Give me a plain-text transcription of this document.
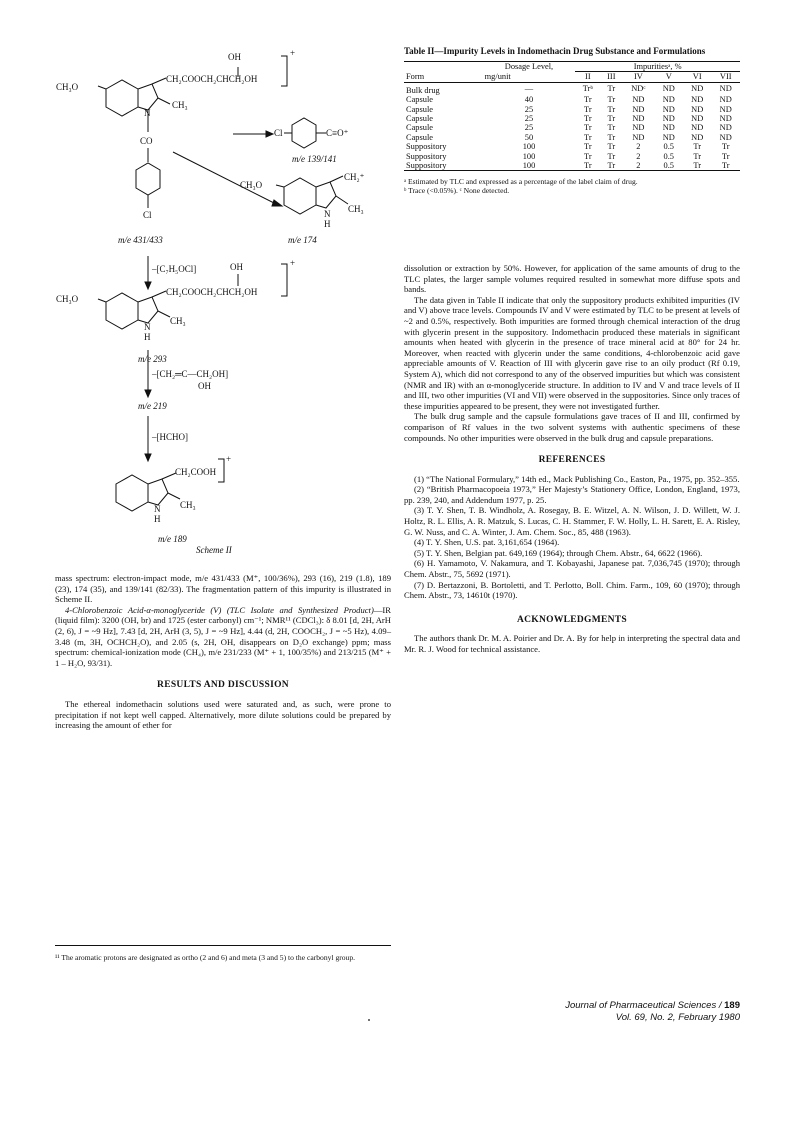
OH	+
CH₃O
CH₂COOCH₂CHCH₂OH
N
CH₃
CO
Cl
Cl	C≡O⁺
m/e 139/141
CH₃O
CH₂⁺
N
H
CH₃
m/e 431/433	m/e 174
–[C₇H₅OCl]	OH	+
CH₃O
CH₂COOCH₂CHCH₂OH
N
H
CH₃
m/e 293
–[CH₂═C—CH₂OH]
OH
m/e 219
–[HCHO]
CH₂COOH
+
N
H
CH₃
m/e 189
Scheme II

mass spectrum: electron-impact mode, m/e 431/433 (M⁺, 100/36%), 293 (16), 219 (1.8), 189 (23), 174 (35), and 139/141 (82/33). The fragmentation pattern of this impurity is illustrated in Scheme II.

4-Chlorobenzoic Acid-α-monoglyceride (V) (TLC Isolate and Synthesized Product)—IR (liquid film): 3200 (OH, br) and 1725 (ester carbonyl) cm⁻¹; NMR¹¹ (CDCl₃): δ 8.01 [d, 2H, ArH (2, 6), J = ~9 Hz], 7.43 [d, 2H, ArH (3, 5), J = ~9 Hz], 4.44 (d, 2H, COOCH₂, J = ~5 Hz), 4.09–3.48 (m, 3H, OCHCH₂O), and 2.05 (s, 2H, OH, disappears on D₂O exchange) ppm; mass spectrum: chemical-ionization mode (CH₄), m/e 231/233 (M⁺ + 1, 100/35%) and 213/215 (M⁺ + 1 – H₂O, 93/31).

RESULTS AND DISCUSSION

The ethereal indomethacin solutions used were saturated and, as such, were prone to precipitation if not kept well capped. Alternatively, more dilute solutions could be prepared by increasing the amount of ether for

¹¹ The aromatic protons are designated as ortho (2 and 6) and meta (3 and 5) to the carbonyl group.
Table II—Impurity Levels in Indomethacin Drug Substance and Formulations
Form	Dosage Level,	Impuritiesᵃ, %					
	mg/unit	II	III	IV	V	VI	VII
Bulk drug	—	Trᵇ	Tr	NDᶜ	ND	ND	ND
Capsule	40	Tr	Tr	ND	ND	ND	ND
Capsule	25	Tr	Tr	ND	ND	ND	ND
Capsule	25	Tr	Tr	ND	ND	ND	ND
Capsule	25	Tr	Tr	ND	ND	ND	ND
Capsule	50	Tr	Tr	ND	ND	ND	ND
Suppository	100	Tr	Tr	2	0.5	Tr	Tr
Suppository	100	Tr	Tr	2	0.5	Tr	Tr
Suppository	100	Tr	Tr	2	0.5	Tr	Tr
ᵃ Estimated by TLC and expressed as a percentage of the label claim of drug.
ᵇ Trace (<0.05%). ᶜ None detected.

dissolution or extraction by 50%. However, for application of the same amounts of drug to the TLC plates, the larger sample volumes required resulted in somewhat more diffuse spots and bands.

The data given in Table II indicate that only the suppository products exhibited impurities (IV and V) above trace levels. Compounds IV and V were estimated by TLC to be present at levels of ~2 and 0.5%, respectively. Both impurities are formed through chemical interaction of the drug with glycerin present in the suppository. Indomethacin produced these materials in significant amounts when heated with glycerin in the presence of trace mineral acid at 80° for 24 hr. Moreover, when reacted with glycerin under the same conditions, 4-chlorobenzoic acid gave appreciable amounts of V. Reaction of III with glycerin gave rise to an oily product (Rf 0.19, System A), which did not correspond to any of the observed impurities but which was consistent (NMR and IR) with an α-monoglyceride structure. In addition to IV and V and trace levels of II and III, two other impurities (VI and VII) were observed in the suppositories. Since only traces of these impurities appeared to be present, they were not investigated further.

The bulk drug sample and the capsule formulations gave traces of II and III, confirmed by comparison of Rf values in the two solvent systems with authentic specimens of these compounds. No other impurities were observed in the bulk drug and capsule preparations.

REFERENCES

(1) “The National Formulary,” 14th ed., Mack Publishing Co., Easton, Pa., 1975, pp. 352–355.

(2) “British Pharmacopoeia 1973,” Her Majesty’s Stationery Office, London, England, 1973, pp. 239, 240, and Addendum 1977, p. 25.

(3) T. Y. Shen, T. B. Windholz, A. Rosegay, B. E. Witzel, A. N. Wilson, J. D. Willett, W. J. Holtz, R. L. Ellis, A. R. Matzuk, S. Lucas, C. H. Stammer, F. W. Holly, L. H. Sarett, E. A. Risley, G. W. Nuss, and C. A. Winter, J. Am. Chem. Soc., 85, 488 (1963).

(4) T. Y. Shen, U.S. pat. 3,161,654 (1964).

(5) T. Y. Shen, Belgian pat. 649,169 (1964); through Chem. Abstr., 64, 6622 (1966).

(6) H. Yamamoto, V. Nakamura, and T. Kobayashi, Japanese pat. 7,036,745 (1970); through Chem. Abstr., 75, 5692 (1971).

(7) D. Bertazzoni, B. Bortoletti, and T. Perlotto, Boll. Chim. Farm., 109, 60 (1970); through Chem. Abstr., 73, 14610t (1970).

ACKNOWLEDGMENTS

The authors thank Dr. M. A. Poirier and Dr. A. By for help in interpreting the spectral data and Mr. R. J. Wood for technical assistance.

Journal of Pharmaceutical Sciences / 189
Vol. 69, No. 2, February 1980
